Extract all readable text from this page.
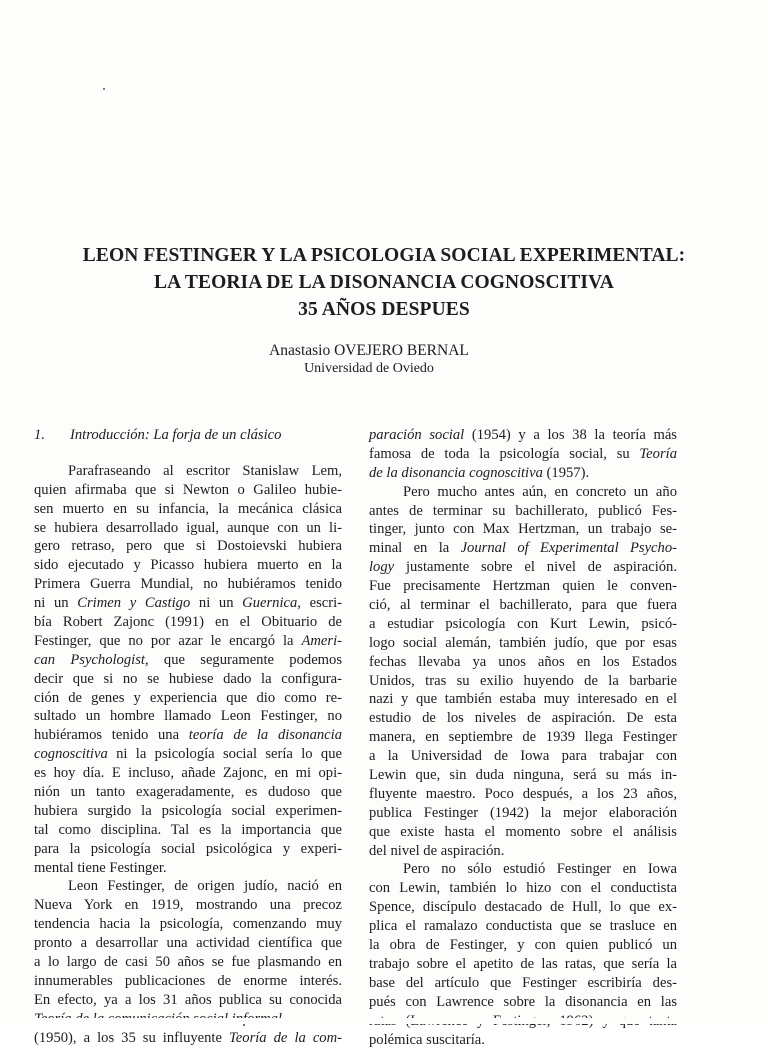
LEON FESTINGER Y LA PSICOLOGIA SOCIAL EXPERIMENTAL:
LA TEORIA DE LA DISONANCIA COGNOSCITIVA
35 AÑOS DESPUES
Anastasio OVEJERO BERNAL
Universidad de Oviedo
1. Introducción: La forja de un clásico
Parafraseando al escritor Stanislaw Lem,
quien afirmaba que si Newton o Galileo hubie-
sen muerto en su infancia, la mecánica clásica
se hubiera desarrollado igual, aunque con un li-
gero retraso, pero que si Dostoievski hubiera
sido ejecutado y Picasso hubiera muerto en la
Primera Guerra Mundial, no hubiéramos tenido
ni un Crimen y Castigo ni un Guernica, escri-
bía Robert Zajonc (1991) en el Obituario de
Festinger, que no por azar le encargó la Ameri-
can Psychologist, que seguramente podemos
decir que si no se hubiese dado la configura-
ción de genes y experiencia que dio como re-
sultado un hombre llamado Leon Festinger, no
hubiéramos tenido una teoría de la disonancia
cognoscitiva ni la psicología social sería lo que
es hoy día. E incluso, añade Zajonc, en mi opi-
nión un tanto exageradamente, es dudoso que
hubiera surgido la psicología social experimen-
tal como disciplina. Tal es la importancia que
para la psicología social psicológica y experi-
mental tiene Festinger.
Leon Festinger, de origen judío, nació en
Nueva York en 1919, mostrando una precoz
tendencia hacia la psicología, comenzando muy
pronto a desarrollar una actividad científica que
a lo largo de casi 50 años se fue plasmando en
innumerables publicaciones de enorme interés.
En efecto, ya a los 31 años publica su conocida
(1950), a los 35 su influyente Teoría de la com-
paración social (1954) y a los 38 la teoría más
famosa de toda la psicología social, su Teoría
de la disonancia cognoscitiva (1957).
Pero mucho antes aún, en concreto un año
antes de terminar su bachillerato, publicó Fes-
tinger, junto con Max Hertzman, un trabajo se-
minal en la Journal of Experimental Psycho-
logy justamente sobre el nivel de aspiración.
Fue precisamente Hertzman quien le conven-
ció, al terminar el bachillerato, para que fuera
a estudiar psicología con Kurt Lewin, psicó-
logo social alemán, también judío, que por esas
fechas llevaba ya unos años en los Estados
Unidos, tras su exilio huyendo de la barbarie
nazi y que también estaba muy interesado en el
estudio de los niveles de aspiración. De esta
manera, en septiembre de 1939 llega Festinger
a la Universidad de Iowa para trabajar con
Lewin que, sin duda ninguna, será su más in-
fluyente maestro. Poco después, a los 23 años,
publica Festinger (1942) la mejor elaboración
que existe hasta el momento sobre el análisis
del nivel de aspiración.
Pero no sólo estudió Festinger en Iowa
con Lewin, también lo hizo con el conductista
Spence, discípulo destacado de Hull, lo que ex-
plica el ramalazo conductista que se trasluce en
la obra de Festinger, y con quien publicó un
trabajo sobre el apetito de las ratas, que sería la
base del artículo que Festinger escribiría des-
pués con Lawrence sobre la disonancia en las
polémica suscitaría.
